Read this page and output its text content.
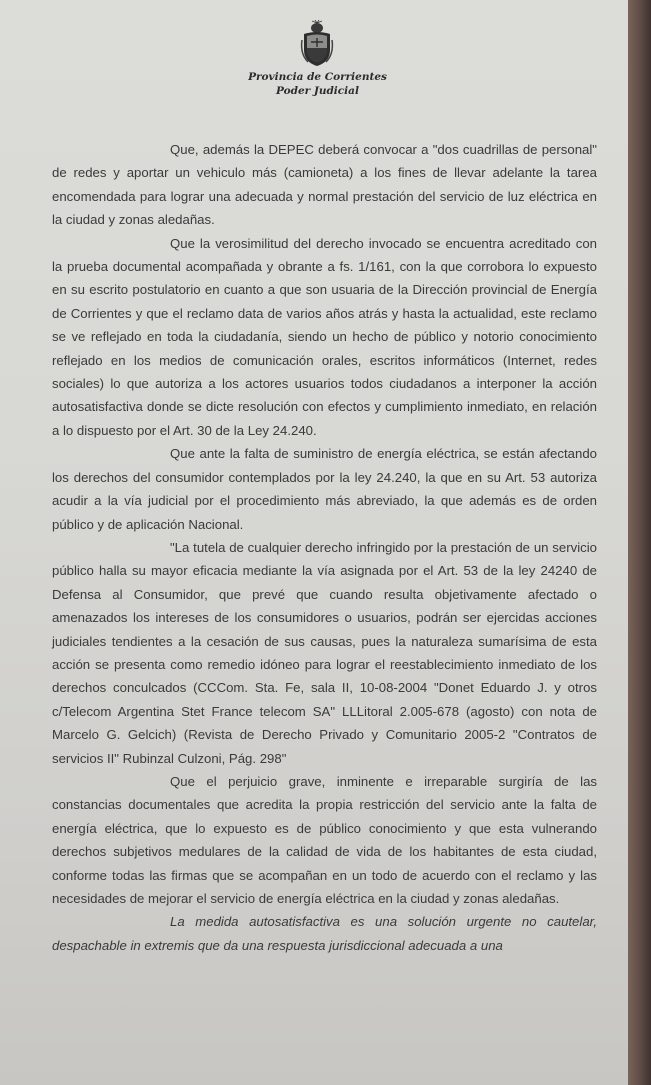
Provincia de Corrientes
Poder Judicial

Que, además la DEPEC deberá convocar a "dos cuadrillas de personal" de redes y aportar un vehiculo más (camioneta) a los fines de llevar adelante la tarea encomendada para lograr una adecuada y normal prestación del servicio de luz eléctrica en la ciudad y zonas aledañas.

Que la verosimilitud del derecho invocado se encuentra acreditado con la prueba documental acompañada y obrante a fs. 1/161, con la que corrobora lo expuesto en su escrito postulatorio en cuanto a que son usuaria de la Dirección provincial de Energía de Corrientes y que el reclamo data de varios años atrás y hasta la actualidad, este reclamo se ve reflejado en toda la ciudadanía, siendo un hecho de público y notorio conocimiento reflejado en los medios de comunicación orales, escritos informáticos (Internet, redes sociales) lo que autoriza a los actores usuarios todos ciudadanos a interponer la acción autosatisfactiva donde se dicte resolución con efectos y cumplimiento inmediato, en relación a lo dispuesto por el Art. 30 de la Ley 24.240.

Que ante la falta de suministro de energía eléctrica, se están afectando los derechos del consumidor contemplados por la ley 24.240, la que en su Art. 53 autoriza acudir a la vía judicial por el procedimiento más abreviado, la que además es de orden público y de aplicación Nacional.

"La tutela de cualquier derecho infringido por la prestación de un servicio público halla su mayor eficacia mediante la vía asignada por el Art. 53 de la ley 24240 de Defensa al Consumidor, que prevé que cuando resulta objetivamente afectado o amenazados los intereses de los consumidores o usuarios, podrán ser ejercidas acciones judiciales tendientes a la cesación de sus causas, pues la naturaleza sumarísima de esta acción se presenta como remedio idóneo para lograr el reestablecimiento inmediato de los derechos conculcados (CCCom. Sta. Fe, sala II, 10-08-2004 "Donet Eduardo J. y otros c/Telecom Argentina Stet France telecom SA" LLLitoral 2.005-678 (agosto) con nota de Marcelo G. Gelcich) (Revista de Derecho Privado y Comunitario 2005-2 "Contratos de servicios II" Rubinzal Culzoni, Pág. 298"

Que el perjuicio grave, inminente e irreparable surgiría de las constancias documentales que acredita la propia restricción del servicio ante la falta de energía eléctrica, que lo expuesto es de público conocimiento y que esta vulnerando derechos subjetivos medulares de la calidad de vida de los habitantes de esta ciudad, conforme todas las firmas que se acompañan en un todo de acuerdo con el reclamo y las necesidades de mejorar el servicio de energía eléctrica en la ciudad y zonas aledañas.

La medida autosatisfactiva es una solución urgente no cautelar, despachable in extremis que da una respuesta jurisdiccional adecuada a una
